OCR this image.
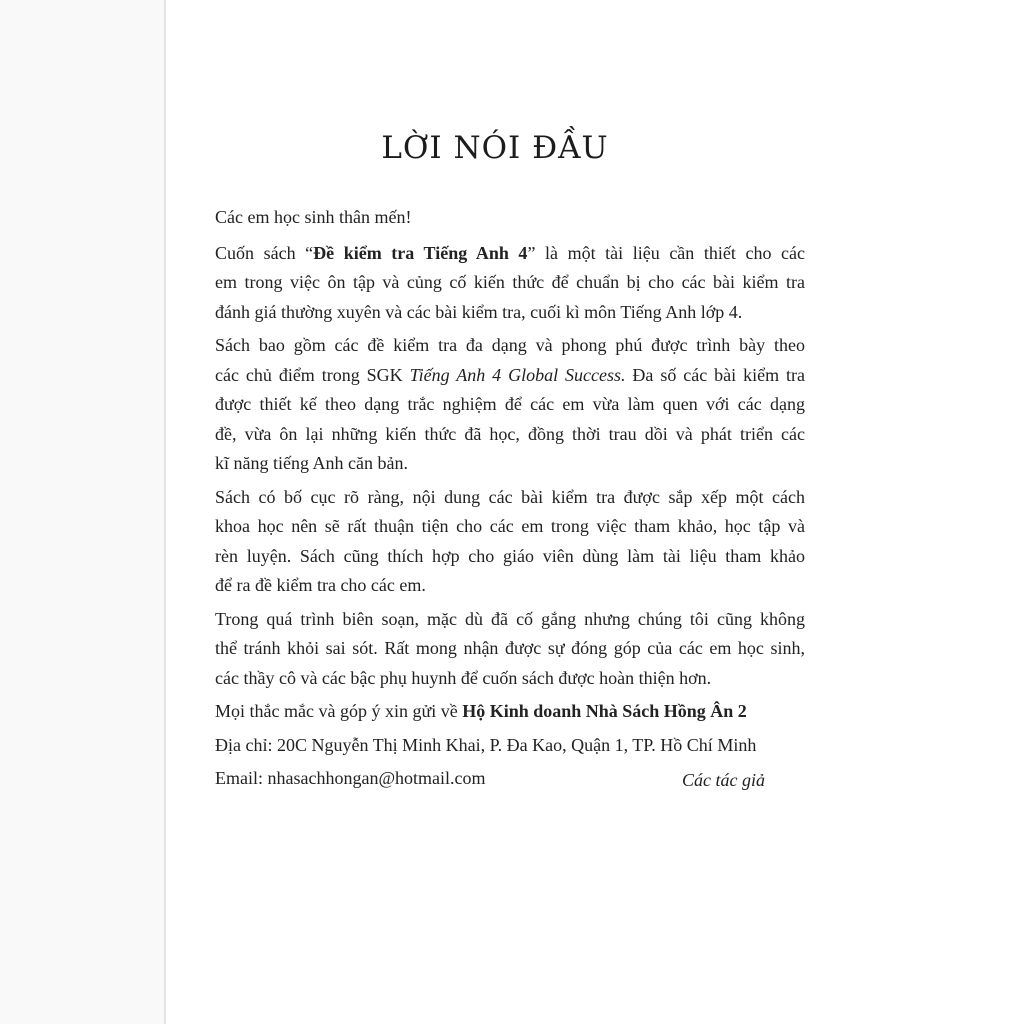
LỜI NÓI ĐẦU

Các em học sinh thân mến!

Cuốn sách “Đề kiểm tra Tiếng Anh 4” là một tài liệu cần thiết cho các
em trong việc ôn tập và củng cố kiến thức để chuẩn bị cho các bài kiểm tra
đánh giá thường xuyên và các bài kiểm tra, cuối kì môn Tiếng Anh lớp 4.

Sách bao gồm các đề kiểm tra đa dạng và phong phú được trình bày theo
các chủ điểm trong SGK Tiếng Anh 4 Global Success. Đa số các bài kiểm tra
được thiết kế theo dạng trắc nghiệm để các em vừa làm quen với các dạng
đề, vừa ôn lại những kiến thức đã học, đồng thời trau dồi và phát triển các
kĩ năng tiếng Anh căn bản.

Sách có bố cục rõ ràng, nội dung các bài kiểm tra được sắp xếp một cách
khoa học nên sẽ rất thuận tiện cho các em trong việc tham khảo, học tập và
rèn luyện. Sách cũng thích hợp cho giáo viên dùng làm tài liệu tham khảo
để ra đề kiểm tra cho các em.

Trong quá trình biên soạn, mặc dù đã cố gắng nhưng chúng tôi cũng không
thể tránh khỏi sai sót. Rất mong nhận được sự đóng góp của các em học sinh,
các thầy cô và các bậc phụ huynh để cuốn sách được hoàn thiện hơn.

Mọi thắc mắc và góp ý xin gửi về Hộ Kinh doanh Nhà Sách Hồng Ân 2

Địa chỉ: 20C Nguyễn Thị Minh Khai, P. Đa Kao, Quận 1, TP. Hồ Chí Minh

Email: nhasachhongan@hotmail.com	Các tác giả
